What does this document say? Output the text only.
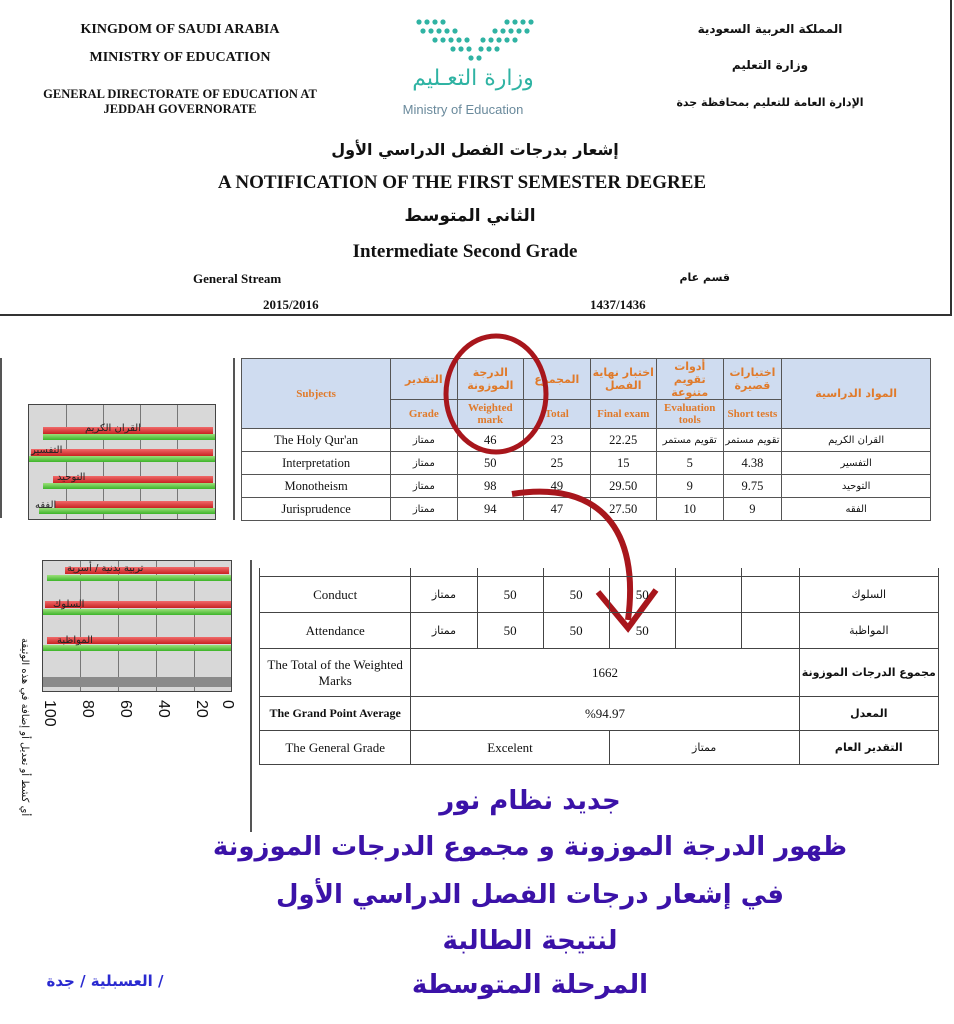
KINGDOM OF SAUDI ARABIA
MINISTRY OF EDUCATION
GENERAL DIRECTORATE OF EDUCATION AT
JEDDAH GOVERNORATE
وزارة التعـليم
Ministry of Education
المملكة العربية السعودية
وزارة التعليم
الإدارة العامة للتعليم بمحافظة جدة
إشعار بدرجات الفصل الدراسي الأول
A NOTIFICATION OF THE FIRST SEMESTER DEGREE
الثاني المتوسط
Intermediate Second Grade
General Stream	قسم عام
2015/2016	1437/1436
القران الكريم
التفسير
التوحيد
الفقه
Subjects	التقدير	الدرجة الموزونة	المجموع	اختبار نهاية الفصل	أدوات تقويم متنوعة	اختبارات قصيرة	المواد الدراسية
	Grade	Weighted mark	Total	Final exam	Evaluation tools	Short tests	
The Holy Qur'an	ممتاز	46	23	22.25	تقويم مستمر	تقويم مستمر	القران الكريم
Interpretation	ممتاز	50	25	15	5	4.38	التفسير
Monotheism	ممتاز	98	49	29.50	9	9.75	التوحيد
Jurisprudence	ممتاز	94	47	27.50	10	9	الفقه
تربية بدنية / أسرية
السلوك
المواظبة
100	80	60	40	20 0
أي كشط أو تعديل أو إضافة في هذه الوثيقة

Conduct	ممتاز	50	50	50			السلوك
Attendance	ممتاز	50	50	50			المواظبة
The Total of the Weighted Marks	1662						مجموع الدرجات الموزونة
The Grand Point Average	%94.97						المعدل
The General Grade	Excelent			ممتاز			التقدير العام
جديد نظام نور
ظهور الدرجة الموزونة و مجموع الدرجات الموزونة
في إشعار درجات الفصل الدراسي الأول
لنتيجة الطالبة
المرحلة المتوسطة
/ العسبلية / جدة
